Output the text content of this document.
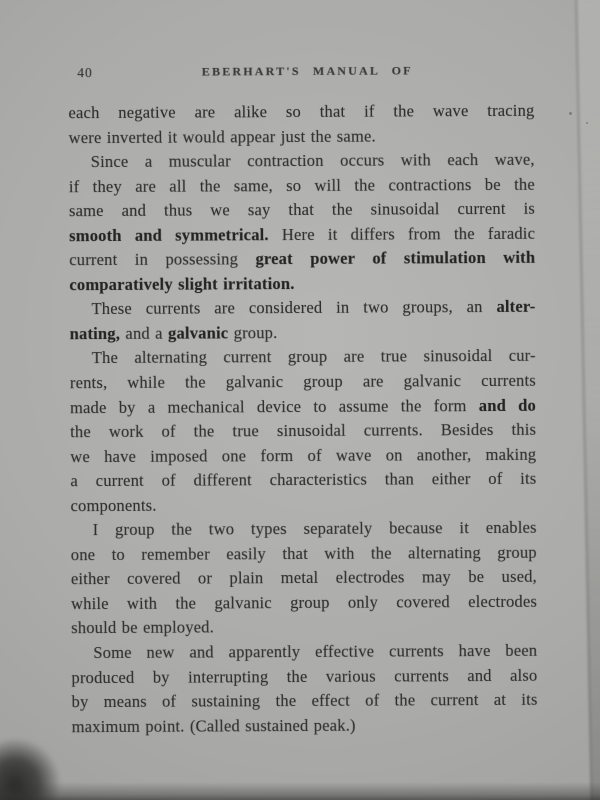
40	EBERHART'S MANUAL OF
each negative are alike so that if the wave tracing
were inverted it would appear just the same.
Since a muscular contraction occurs with each wave,
if they are all the same, so will the contractions be the
same and thus we say that the sinusoidal current is
smooth and symmetrical. Here it differs from the faradic
current in possessing great power of stimulation with
comparatively slight irritation.
These currents are considered in two groups, an alter-
nating, and a galvanic group.
The alternating current group are true sinusoidal cur-
rents, while the galvanic group are galvanic currents
made by a mechanical device to assume the form and do
the work of the true sinusoidal currents. Besides this
we have imposed one form of wave on another, making
a current of different characteristics than either of its
components.
I group the two types separately because it enables
one to remember easily that with the alternating group
either covered or plain metal electrodes may be used,
while with the galvanic group only covered electrodes
should be employed.
Some new and apparently effective currents have been
produced by interrupting the various currents and also
by means of sustaining the effect of the current at its
maximum point. (Called sustained peak.)
